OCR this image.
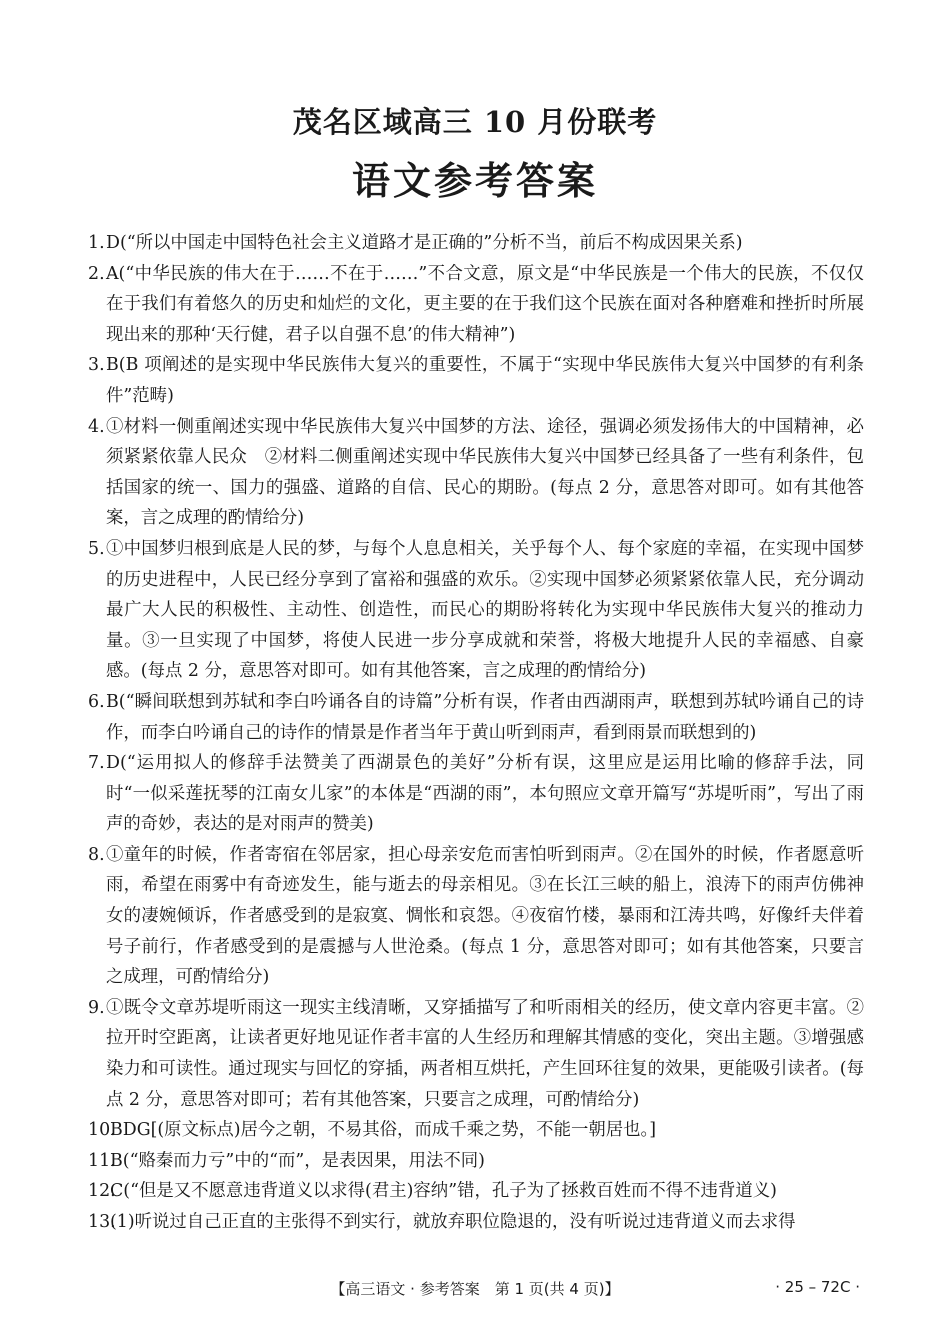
茂名区域高三 10 月份联考
语文参考答案
1. D(“所以中国走中国特色社会主义道路才是正确的”分析不当，前后不构成因果关系)
2. A(“中华民族的伟大在于……不在于……”不合文意，原文是“中华民族是一个伟大的民族，不仅仅在于我们有着悠久的历史和灿烂的文化，更主要的在于我们这个民族在面对各种磨难和挫折时所展现出来的那种‘天行健，君子以自强不息’的伟大精神”)
3. B(B 项阐述的是实现中华民族伟大复兴的重要性，不属于“实现中华民族伟大复兴中国梦的有利条件”范畴)
4. ①材料一侧重阐述实现中华民族伟大复兴中国梦的方法、途径，强调必须发扬伟大的中国精神，必须紧紧依靠人民众　②材料二侧重阐述实现中华民族伟大复兴中国梦已经具备了一些有利条件，包括国家的统一、国力的强盛、道路的自信、民心的期盼。(每点 2 分，意思答对即可。如有其他答案，言之成理的酌情给分)
5. ①中国梦归根到底是人民的梦，与每个人息息相关，关乎每个人、每个家庭的幸福，在实现中国梦的历史进程中，人民已经分享到了富裕和强盛的欢乐。②实现中国梦必须紧紧依靠人民，充分调动最广大人民的积极性、主动性、创造性，而民心的期盼将转化为实现中华民族伟大复兴的推动力量。③一旦实现了中国梦，将使人民进一步分享成就和荣誉，将极大地提升人民的幸福感、自豪感。(每点 2 分，意思答对即可。如有其他答案，言之成理的酌情给分)
6. B(“瞬间联想到苏轼和李白吟诵各自的诗篇”分析有误，作者由西湖雨声，联想到苏轼吟诵自己的诗作，而李白吟诵自己的诗作的情景是作者当年于黄山听到雨声，看到雨景而联想到的)
7. D(“运用拟人的修辞手法赞美了西湖景色的美好”分析有误，这里应是运用比喻的修辞手法，同时“一似采莲抚琴的江南女儿家”的本体是“西湖的雨”，本句照应文章开篇写“苏堤听雨”，写出了雨声的奇妙，表达的是对雨声的赞美)
8. ①童年的时候，作者寄宿在邻居家，担心母亲安危而害怕听到雨声。②在国外的时候，作者愿意听雨，希望在雨雾中有奇迹发生，能与逝去的母亲相见。③在长江三峡的船上，浪涛下的雨声仿佛神女的凄婉倾诉，作者感受到的是寂寞、惆怅和哀怨。④夜宿竹楼，暴雨和江涛共鸣，好像纤夫伴着号子前行，作者感受到的是震撼与人世沧桑。(每点 1 分，意思答对即可；如有其他答案，只要言之成理，可酌情给分)
9. ①既令文章苏堤听雨这一现实主线清晰，又穿插描写了和听雨相关的经历，使文章内容更丰富。②拉开时空距离，让读者更好地见证作者丰富的人生经历和理解其情感的变化，突出主题。③增强感染力和可读性。通过现实与回忆的穿插，两者相互烘托，产生回环往复的效果，更能吸引读者。(每点 2 分，意思答对即可；若有其他答案，只要言之成理，可酌情给分)
10.
BDG[(原文标点)居今之朝，不易其俗，而成千乘之势，不能一朝居也。]
11.
B(“赂秦而力亏”中的“而”，是表因果，用法不同)
12.
C(“但是又不愿意违背道义以求得(君主)容纳”错，孔子为了拯救百姓而不得不违背道义)
13.
(1)听说过自己正直的主张得不到实行，就放弃职位隐退的，没有听说过违背道义而去求得
【高三语文 · 参考答案　第 1 页(共 4 页)】	· 25 – 72C ·
